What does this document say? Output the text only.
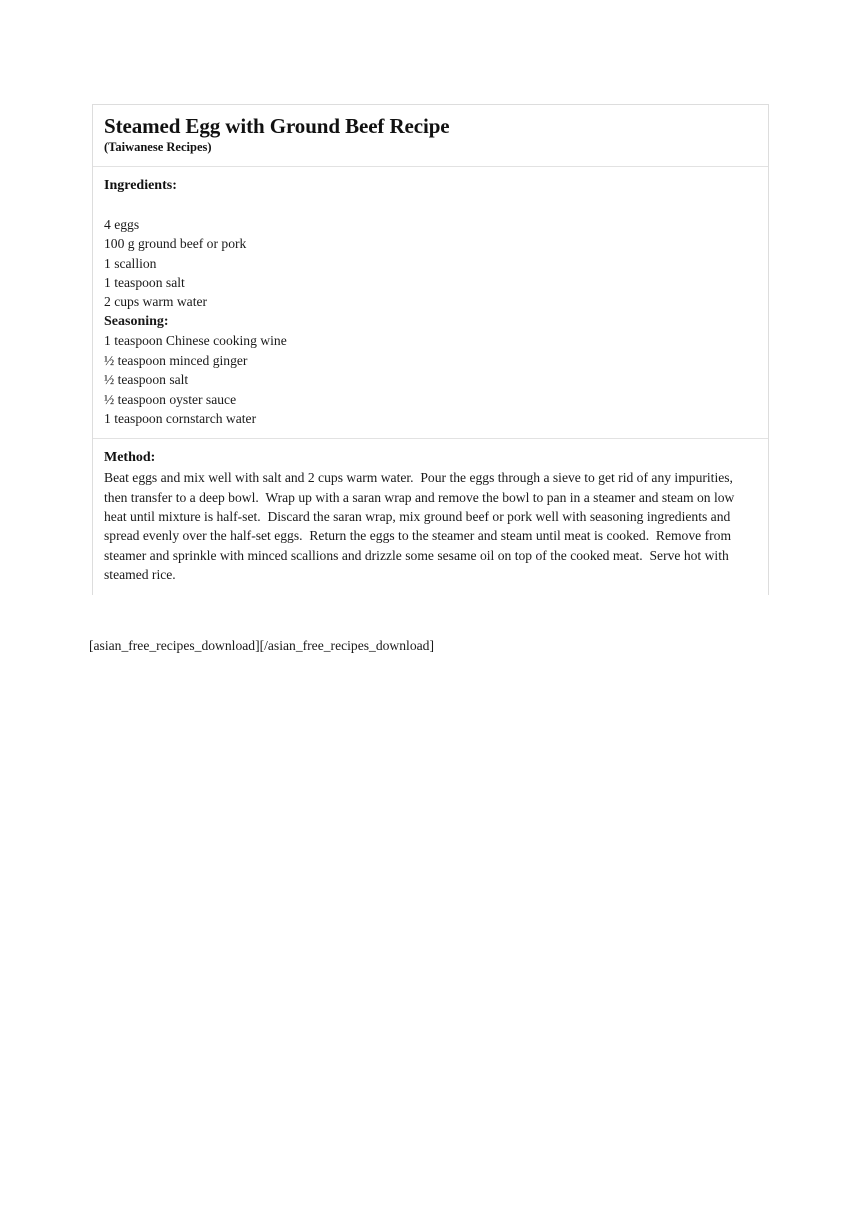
Steamed Egg with Ground Beef Recipe
(Taiwanese Recipes)
Ingredients:
4 eggs
100 g ground beef or pork
1 scallion
1 teaspoon salt
2 cups warm water
Seasoning:
1 teaspoon Chinese cooking wine
½ teaspoon minced ginger
½ teaspoon salt
½ teaspoon oyster sauce
1 teaspoon cornstarch water
Method:

Beat eggs and mix well with salt and 2 cups warm water.  Pour the eggs through a sieve to get rid of any impurities, then transfer to a deep bowl.  Wrap up with a saran wrap and remove the bowl to pan in a steamer and steam on low heat until mixture is half-set.  Discard the saran wrap, mix ground beef or pork well with seasoning ingredients and spread evenly over the half-set eggs.  Return the eggs to the steamer and steam until meat is cooked.  Remove from steamer and sprinkle with minced scallions and drizzle some sesame oil on top of the cooked meat.  Serve hot with steamed rice.

[asian_free_recipes_download][/asian_free_recipes_download]
